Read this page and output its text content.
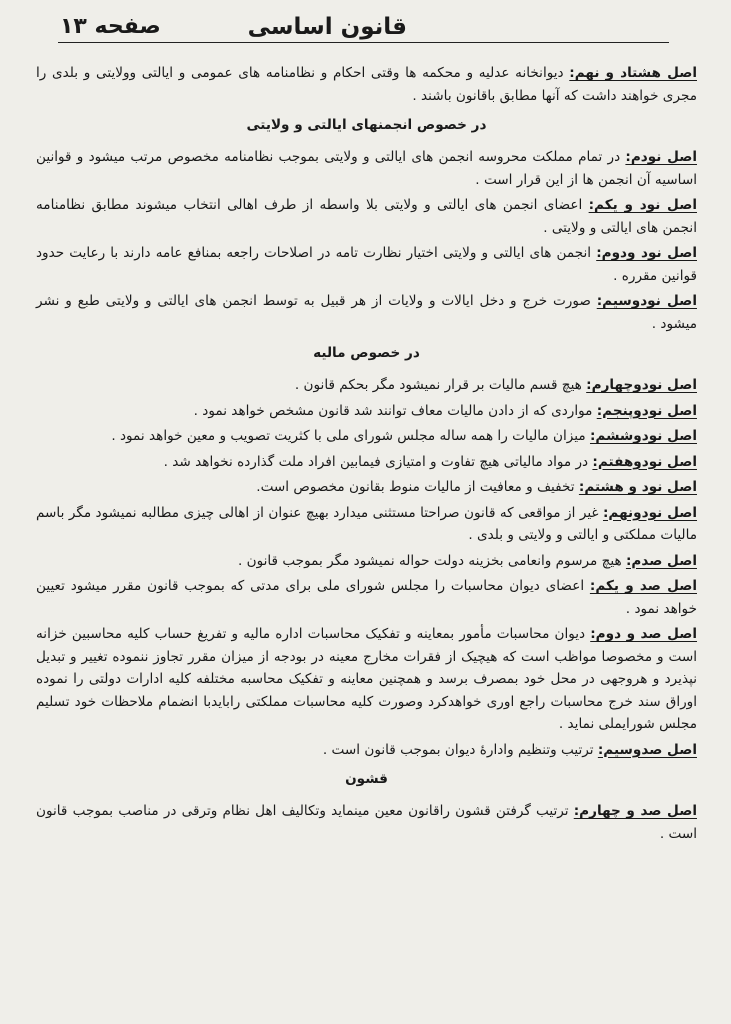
قانون اساسی
صفحه ۱۳

اصل هشتاد و نهم: دیوانخانه عدلیه و محکمه ها وقتی احکام و نظامنامه های عمومی و ایالتی وولایتی و بلدی را مجری خواهند داشت که آنها مطابق باقانون باشند .

در خصوص انجمنهای ایالتی و ولایتی

اصل نودم: در تمام مملکت محروسه انجمن های ایالتی و ولایتی بموجب نظامنامه مخصوص مرتب میشود و قوانین اساسیه آن انجمن ها از این قرار است .

اصل نود و یکم: اعضای انجمن های ایالتی و ولایتی بلا واسطه از طرف اهالی انتخاب میشوند مطابق نظامنامه انجمن های ایالتی و ولایتی .

اصل نود ودوم: انجمن های ایالتی و ولایتی اختیار نظارت تامه در اصلاحات راجعه بمنافع عامه دارند با رعایت حدود قوانین مقرره .

اصل نودوسیم: صورت خرج و دخل ایالات و ولایات از هر قبیل به توسط انجمن های ایالتی و ولایتی طبع و نشر میشود .

در خصوص مالیه

اصل نودوچهارم: هیچ قسم مالیات بر قرار نمیشود مگر بحکم قانون .

اصل نودوپنجم: مواردی که از دادن مالیات معاف توانند شد قانون مشخص خواهد نمود .

اصل نودوششم: میزان مالیات را همه ساله مجلس شورای ملی با کثریت تصویب و معین خواهد نمود .

اصل نودوهفتم: در مواد مالیاتی هیچ تفاوت و امتیازی فیمابین افراد ملت گذارده نخواهد شد .

اصل نود و هشتم: تخفیف و معافیت از مالیات منوط بقانون مخصوص است.

اصل نودونهم: غیر از مواقعی که قانون صراحتا مستثنی میدارد بهیچ عنوان از اهالی چیزی مطالبه نمیشود مگر باسم مالیات مملکتی و ایالتی و ولایتی و بلدی .

اصل صدم: هیچ مرسوم وانعامی بخزینه دولت حواله نمیشود مگر بموجب قانون .

اصل صد و یکم: اعضای دیوان محاسبات را مجلس شورای ملی برای مدتی که بموجب قانون مقرر میشود تعیین خواهد نمود .

اصل صد و دوم: دیوان محاسبات مأمور بمعاینه و تفکیک محاسبات اداره مالیه و تفریغ حساب کلیه محاسبین خزانه است و مخصوصا مواظب است که هیچیک از فقرات مخارج معینه در بودجه از میزان مقرر تجاوز ننموده تغییر و تبدیل نپذیرد و هروجهی در محل خود بمصرف برسد و همچنین معاینه و تفکیک محاسبه مختلفه کلیه ادارات دولتی را نموده اوراق سند خرج محاسبات راجع اوری خواهدکرد وصورت کلیه محاسبات مملکتی رابایدبا انضمام ملاحظات خود تسلیم مجلس شورایملی نماید .

اصل صدوسیم: ترتیب وتنظیم وادارهٔ دیوان بموجب قانون است .

قشون

اصل صد و چهارم: ترتیب گرفتن قشون راقانون معین مینماید وتکالیف اهل نظام وترقی در مناصب بموجب قانون است .
